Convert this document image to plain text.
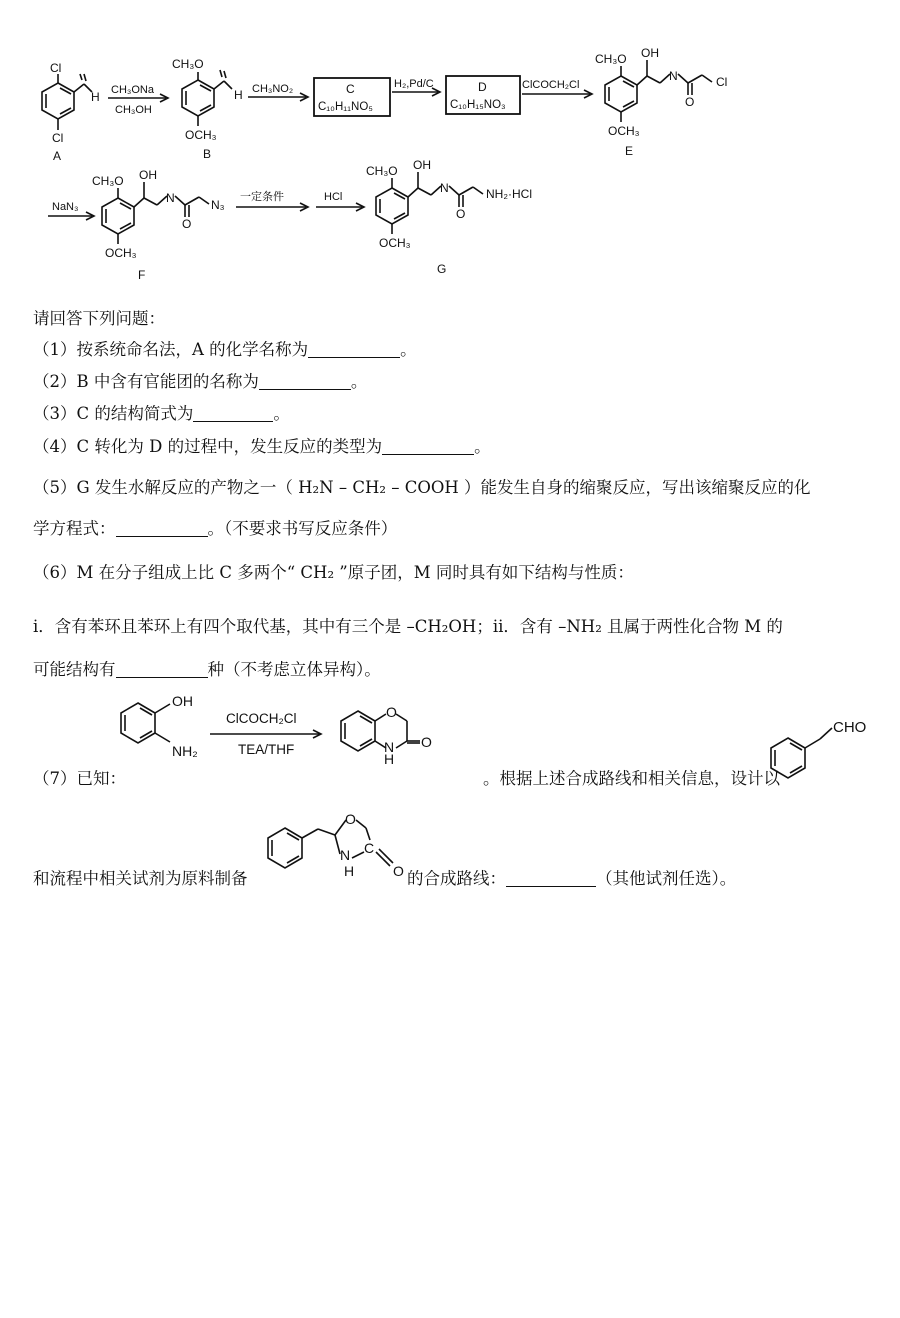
Cl
H
Cl
A
CH₃ONa
CH₃OH
CH₃O
H
OCH₃
B
CH₃NO₂	C
C₁₀H₁₁NO₅
H₂,Pd/C	D
C₁₀H₁₅NO₃
ClCOCH₂Cl
CH₃O OH
N	Cl
OCH₃
O
E
NaN₃
CH₃O OH
N	N₃
OCH₃
O
F
一定条件	HCl
CH₃O OH
N	NH₂·HCl
OCH₃
O
G
请回答下列问题：
（1）按系统命名法，A 的化学名称为	。
（2）B 中含有官能团的名称为	。
（3）C 的结构简式为	。
（4）C 转化为 D 的过程中，发生反应的类型为	。
（5）G 发生水解反应的产物之一（ H₂N – CH₂ – COOH ）能发生自身的缩聚反应，写出该缩聚反应的化
学方程式：	。（不要求书写反应条件）
（6）M 在分子组成上比 C 多两个“ CH₂ ”原子团，M 同时具有如下结构与性质：
ⅰ．含有苯环且苯环上有四个取代基，其中有三个是 –CH₂OH；ⅱ．含有 –NH₂ 且属于两性化合物 M 的
可能结构有	种（不考虑立体异构）。
（7）已知：
OH
NH₂
ClCOCH₂Cl
TEA/THF
O
H
N O
CHO
O
N
H
C
O
。根据上述合成路线和相关信息，设计以
和流程中相关试剂为原料制备	的合成路线：	（其他试剂任选）。
